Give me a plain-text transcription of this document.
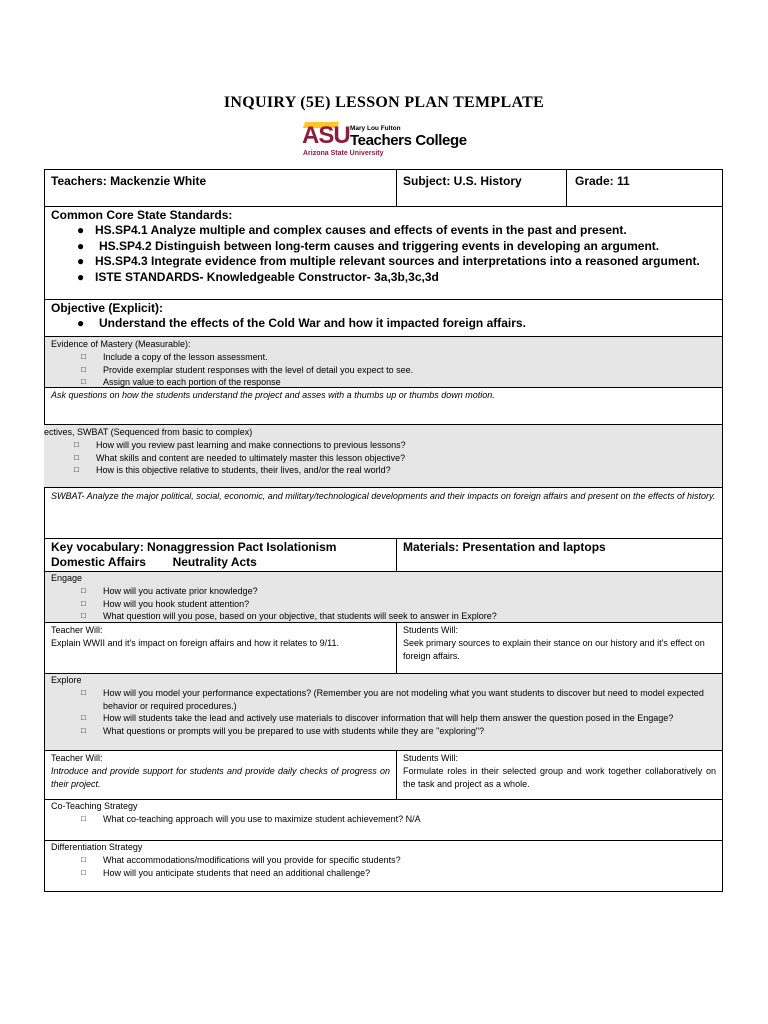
INQUIRY (5E) LESSON PLAN TEMPLATE
ASU Mary Lou Fulton
Teachers College
Arizona State University
Teachers: Mackenzie White	Subject: U.S. History	Grade: 11
Common Core State Standards:
● HS.SP4.1 Analyze multiple and complex causes and effects of events in the past and present.
● HS.SP4.2 Distinguish between long-term causes and triggering events in developing an argument.
● HS.SP4.3 Integrate evidence from multiple relevant sources and interpretations into a reasoned argument.
● ISTE STANDARDS- Knowledgeable Constructor- 3a,3b,3c,3d
Objective (Explicit):
● Understand the effects of the Cold War and how it impacted foreign affairs.
Evidence of Mastery (Measurable):
□ Include a copy of the lesson assessment.
□ Provide exemplar student responses with the level of detail you expect to see.
□ Assign value to each portion of the response
Ask questions on how the students understand the project and asses with a thumbs up or thumbs down motion.
ectives, SWBAT (Sequenced from basic to complex)
□ How will you review past learning and make connections to previous lessons?
□ What skills and content are needed to ultimately master this lesson objective?
□ How is this objective relative to students, their lives, and/or the real world?
SWBAT- Analyze the major political, social, economic, and military/technological developments and their impacts on foreign affairs and present on the effects of history.
Key vocabulary: Nonaggression Pact Isolationism
Domestic Affairs        Neutrality Acts
Materials: Presentation and laptops
Engage
□ How will you activate prior knowledge?
□ How will you hook student attention?
□ What question will you pose, based on your objective, that students will seek to answer in Explore?
Teacher Will:
Explain WWII and it's impact on foreign affairs and how it relates to 9/11.
Students Will:
Seek primary sources to explain their stance on our history and it's effect on foreign affairs.
Explore
□ How will you model your performance expectations? (Remember you are not modeling what you want students to discover but need to model expected behavior or required procedures.)
□ How will students take the lead and actively use materials to discover information that will help them answer the question posed in the Engage?
□ What questions or prompts will you be prepared to use with students while they are "exploring"?
Teacher Will:
Introduce and provide support for students and provide daily checks of progress on their project.
Students Will:
Formulate roles in their selected group and work together collaboratively on the task and project as a whole.
Co-Teaching Strategy
□ What co-teaching approach will you use to maximize student achievement? N/A
Differentiation Strategy
□ What accommodations/modifications will you provide for specific students?
□ How will you anticipate students that need an additional challenge?
